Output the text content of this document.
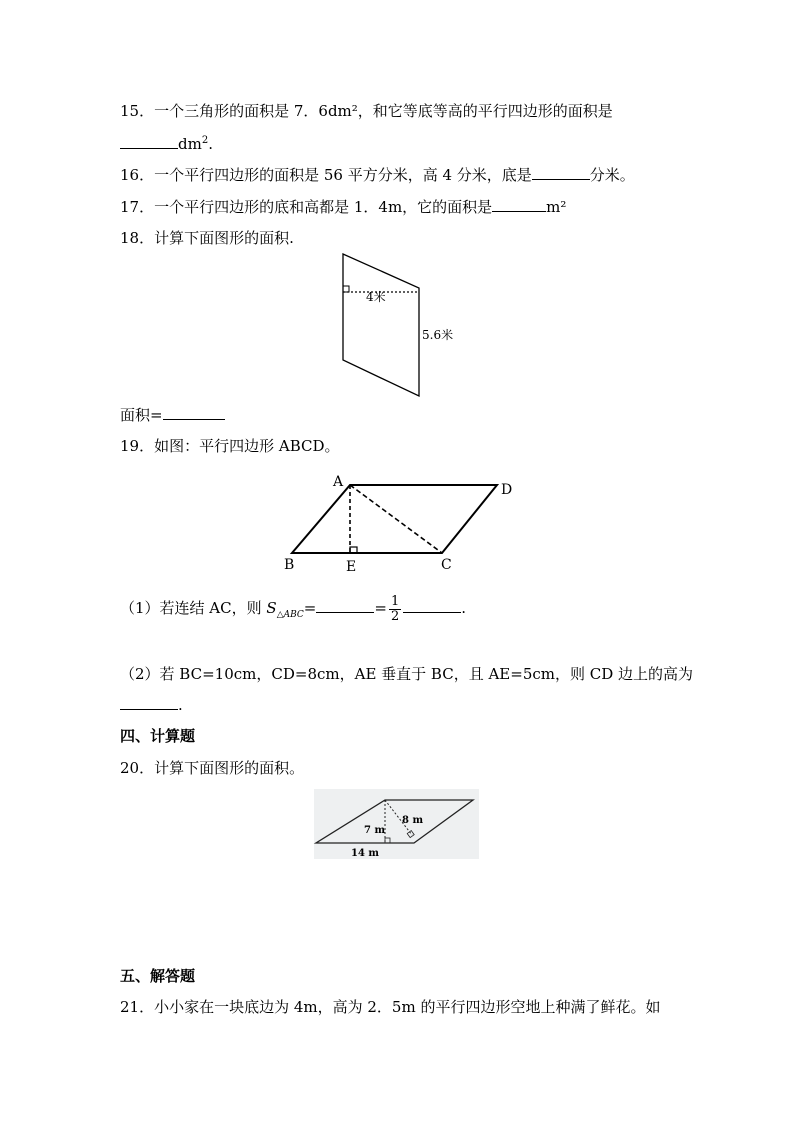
15．一个三角形的面积是 7．6dm²，和它等底等高的平行四边形的面积是
$dm^2$.
16．一个平行四边形的面积是 56 平方分米，高 4 分米，底是	分米。
17．一个平行四边形的底和高都是 1．4m，它的面积是	m²
18．计算下面图形的面积.
4米
5.6米
面积=
19．如图：平行四边形 ABCD。
A	D
B	E	C
（1）若连结 AC，则 $S_{\triangle ABC}=$	= $\frac{1}{2}$	.
（2）若 BC=10cm，CD=8cm，AE 垂直于 BC，且 AE=5cm，则 CD 边上的高为
.
四、计算题
20．计算下面图形的面积。
7 m
8 m
14 m
五、解答题
21．小小家在一块底边为 4m，高为 2．5m 的平行四边形空地上种满了鲜花。如
